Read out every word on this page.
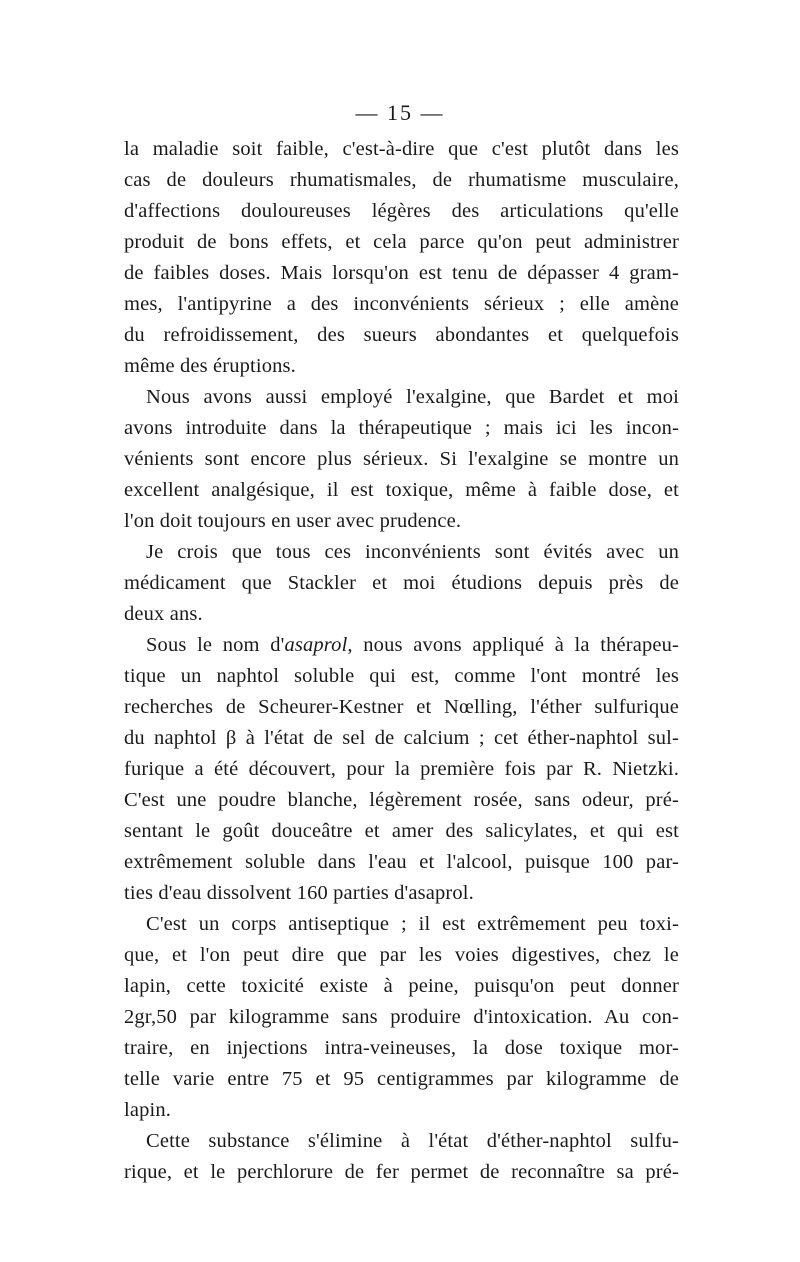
— 15 —
la maladie soit faible, c'est-à-dire que c'est plutôt dans les
cas de douleurs rhumatismales, de rhumatisme musculaire,
d'affections douloureuses légères des articulations qu'elle
produit de bons effets, et cela parce qu'on peut administrer
de faibles doses. Mais lorsqu'on est tenu de dépasser 4 gram-
mes, l'antipyrine a des inconvénients sérieux ; elle amène
du refroidissement, des sueurs abondantes et quelquefois
même des éruptions.
Nous avons aussi employé l'exalgine, que Bardet et moi
avons introduite dans la thérapeutique ; mais ici les incon-
vénients sont encore plus sérieux. Si l'exalgine se montre un
excellent analgésique, il est toxique, même à faible dose, et
l'on doit toujours en user avec prudence.
Je crois que tous ces inconvénients sont évités avec un
médicament que Stackler et moi étudions depuis près de
deux ans.
Sous le nom d'asaprol, nous avons appliqué à la thérapeu-
tique un naphtol soluble qui est, comme l'ont montré les
recherches de Scheurer-Kestner et Nœlling, l'éther sulfurique
du naphtol β à l'état de sel de calcium ; cet éther-naphtol sul-
furique a été découvert, pour la première fois par R. Nietzki.
C'est une poudre blanche, légèrement rosée, sans odeur, pré-
sentant le goût douceâtre et amer des salicylates, et qui est
extrêmement soluble dans l'eau et l'alcool, puisque 100 par-
ties d'eau dissolvent 160 parties d'asaprol.
C'est un corps antiseptique ; il est extrêmement peu toxi-
que, et l'on peut dire que par les voies digestives, chez le
lapin, cette toxicité existe à peine, puisqu'on peut donner
2gr,50 par kilogramme sans produire d'intoxication. Au con-
traire, en injections intra-veineuses, la dose toxique mor-
telle varie entre 75 et 95 centigrammes par kilogramme de
lapin.
Cette substance s'élimine à l'état d'éther-naphtol sulfu-
rique, et le perchlorure de fer permet de reconnaître sa pré-
